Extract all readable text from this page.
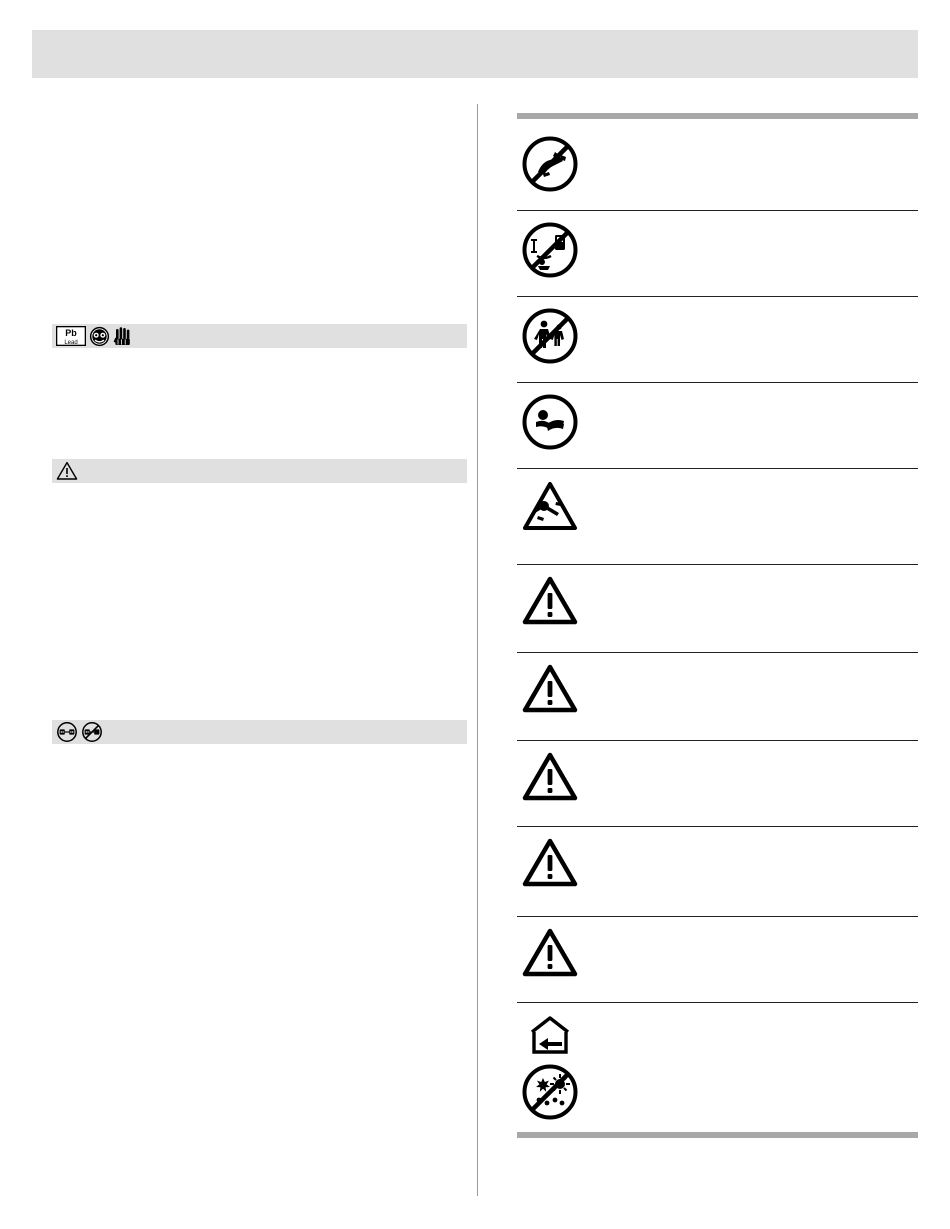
Pb
Lead
